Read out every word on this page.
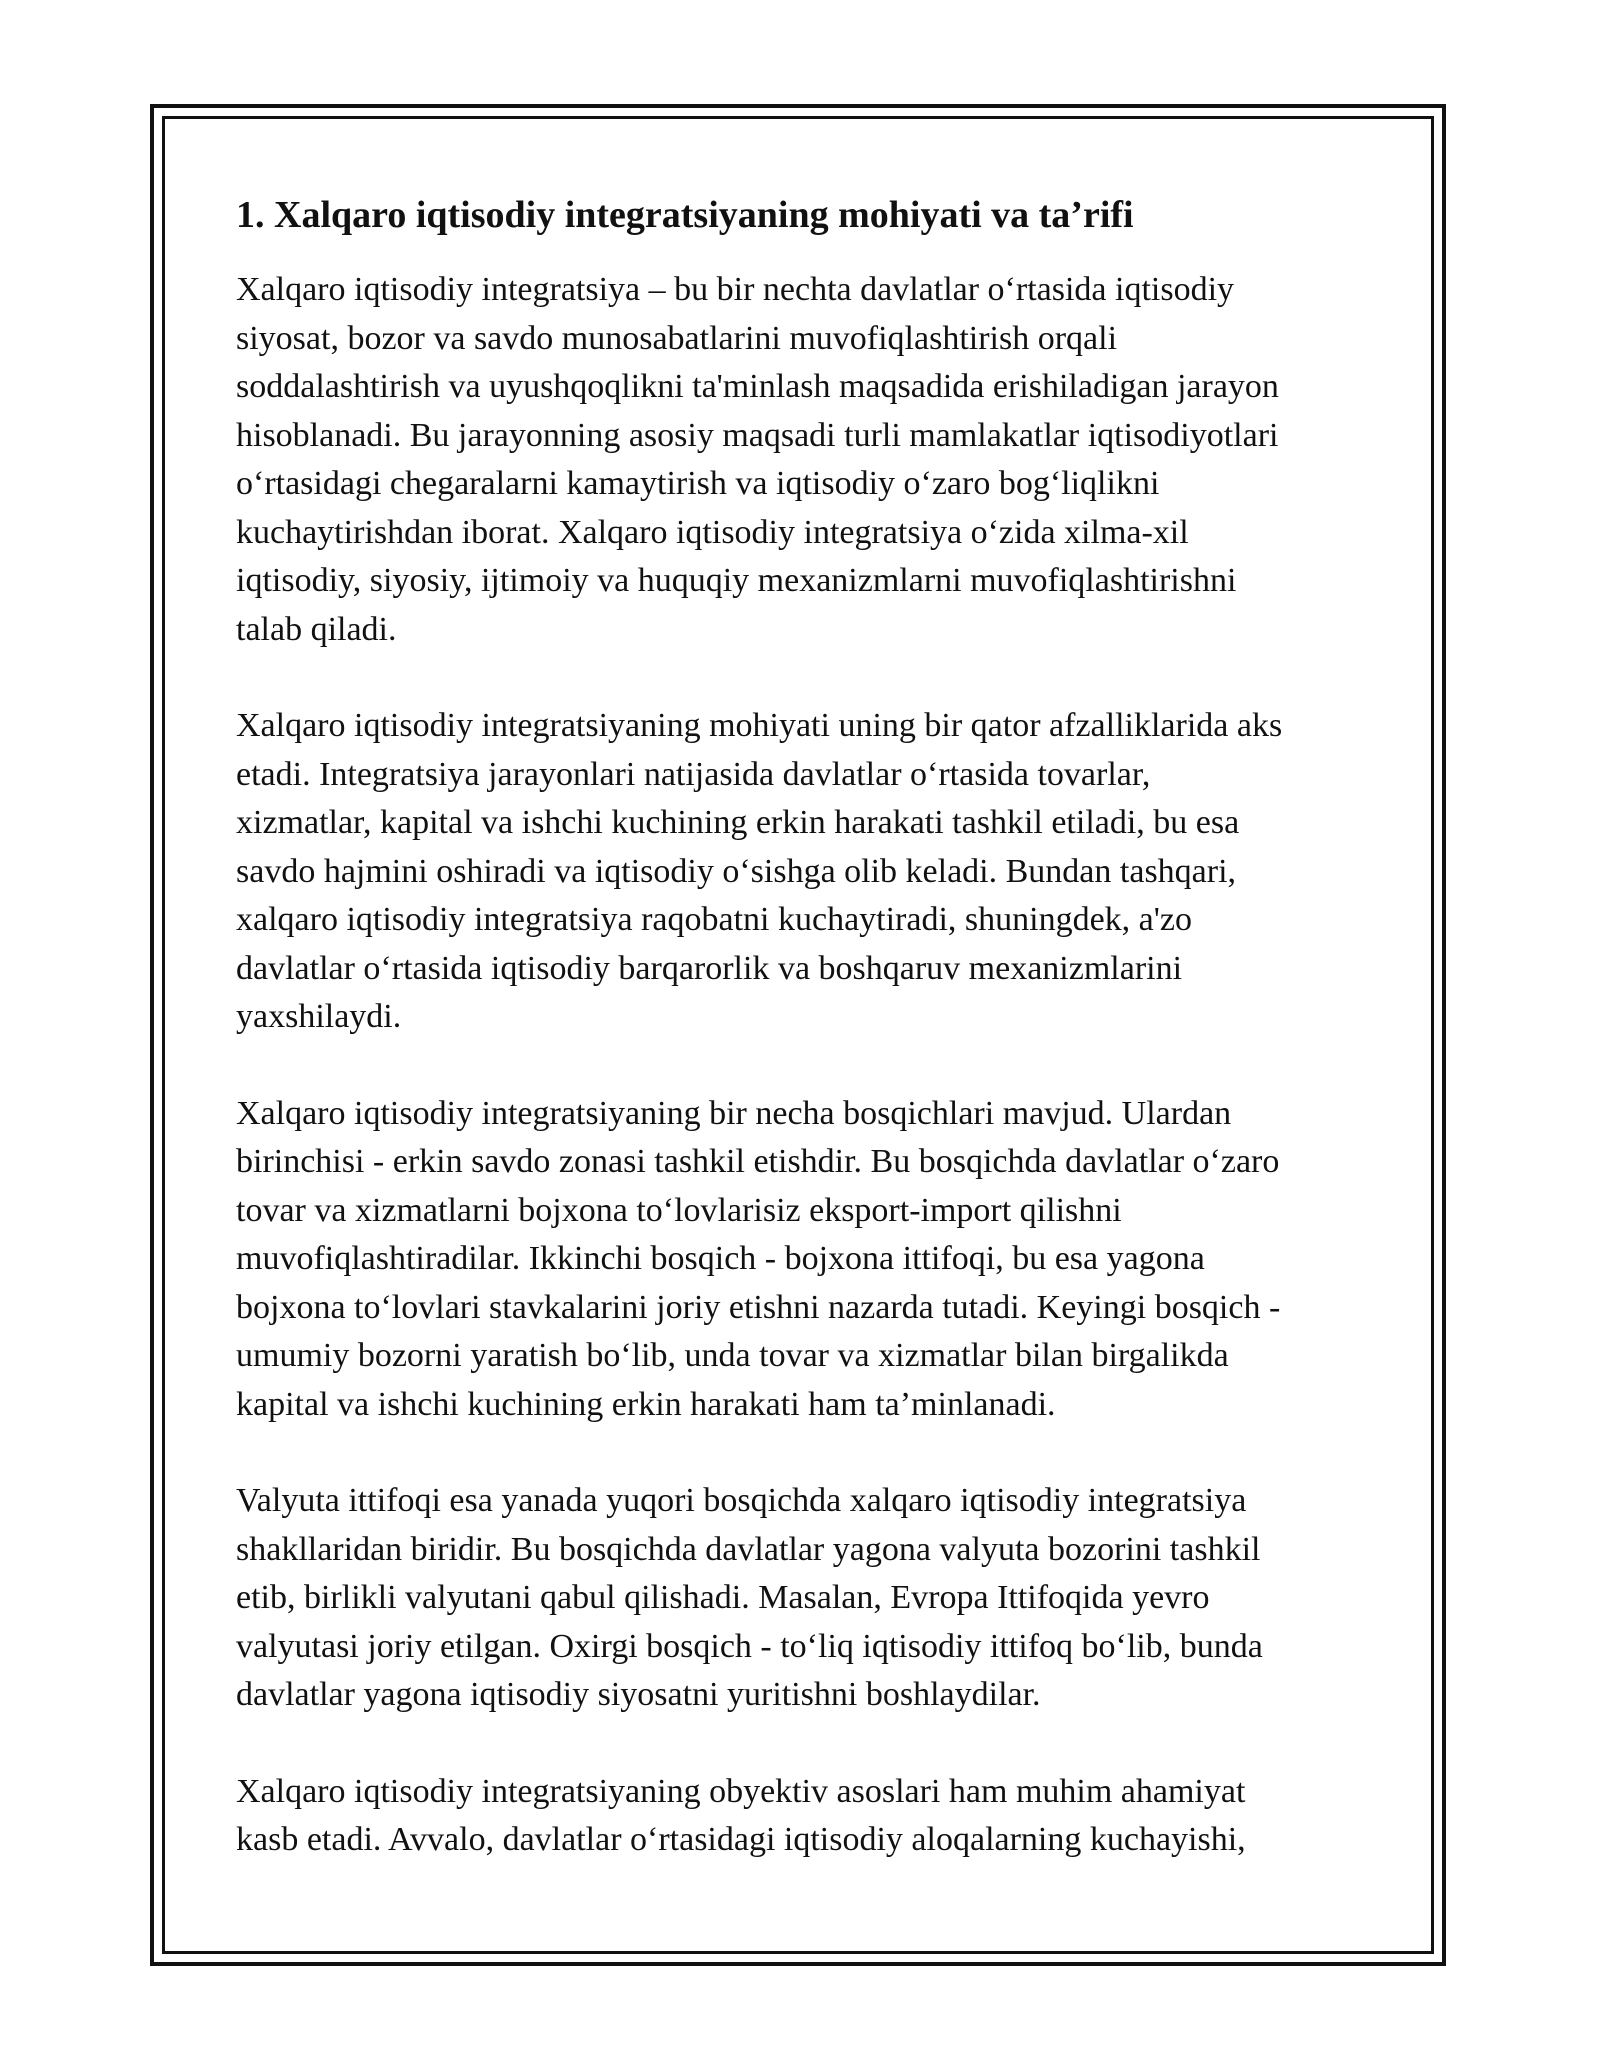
1. Xalqaro iqtisodiy integratsiyaning mohiyati va ta’rifi

Xalqaro iqtisodiy integratsiya – bu bir nechta davlatlar o‘rtasida iqtisodiy
siyosat, bozor va savdo munosabatlarini muvofiqlashtirish orqali
soddalashtirish va uyushqoqlikni ta'minlash maqsadida erishiladigan jarayon
hisoblanadi. Bu jarayonning asosiy maqsadi turli mamlakatlar iqtisodiyotlari
o‘rtasidagi chegaralarni kamaytirish va iqtisodiy o‘zaro bog‘liqlikni
kuchaytirishdan iborat. Xalqaro iqtisodiy integratsiya o‘zida xilma-xil
iqtisodiy, siyosiy, ijtimoiy va huquqiy mexanizmlarni muvofiqlashtirishni
talab qiladi.

Xalqaro iqtisodiy integratsiyaning mohiyati uning bir qator afzalliklarida aks
etadi. Integratsiya jarayonlari natijasida davlatlar o‘rtasida tovarlar,
xizmatlar, kapital va ishchi kuchining erkin harakati tashkil etiladi, bu esa
savdo hajmini oshiradi va iqtisodiy o‘sishga olib keladi. Bundan tashqari,
xalqaro iqtisodiy integratsiya raqobatni kuchaytiradi, shuningdek, a'zo
davlatlar o‘rtasida iqtisodiy barqarorlik va boshqaruv mexanizmlarini
yaxshilaydi.

Xalqaro iqtisodiy integratsiyaning bir necha bosqichlari mavjud. Ulardan
birinchisi - erkin savdo zonasi tashkil etishdir. Bu bosqichda davlatlar o‘zaro
tovar va xizmatlarni bojxona to‘lovlarisiz eksport-import qilishni
muvofiqlashtiradilar. Ikkinchi bosqich - bojxona ittifoqi, bu esa yagona
bojxona to‘lovlari stavkalarini joriy etishni nazarda tutadi. Keyingi bosqich -
umumiy bozorni yaratish bo‘lib, unda tovar va xizmatlar bilan birgalikda
kapital va ishchi kuchining erkin harakati ham ta’minlanadi.

Valyuta ittifoqi esa yanada yuqori bosqichda xalqaro iqtisodiy integratsiya
shakllaridan biridir. Bu bosqichda davlatlar yagona valyuta bozorini tashkil
etib, birlikli valyutani qabul qilishadi. Masalan, Evropa Ittifoqida yevro
valyutasi joriy etilgan. Oxirgi bosqich - to‘liq iqtisodiy ittifoq bo‘lib, bunda
davlatlar yagona iqtisodiy siyosatni yuritishni boshlaydilar.

Xalqaro iqtisodiy integratsiyaning obyektiv asoslari ham muhim ahamiyat
kasb etadi. Avvalo, davlatlar o‘rtasidagi iqtisodiy aloqalarning kuchayishi,
